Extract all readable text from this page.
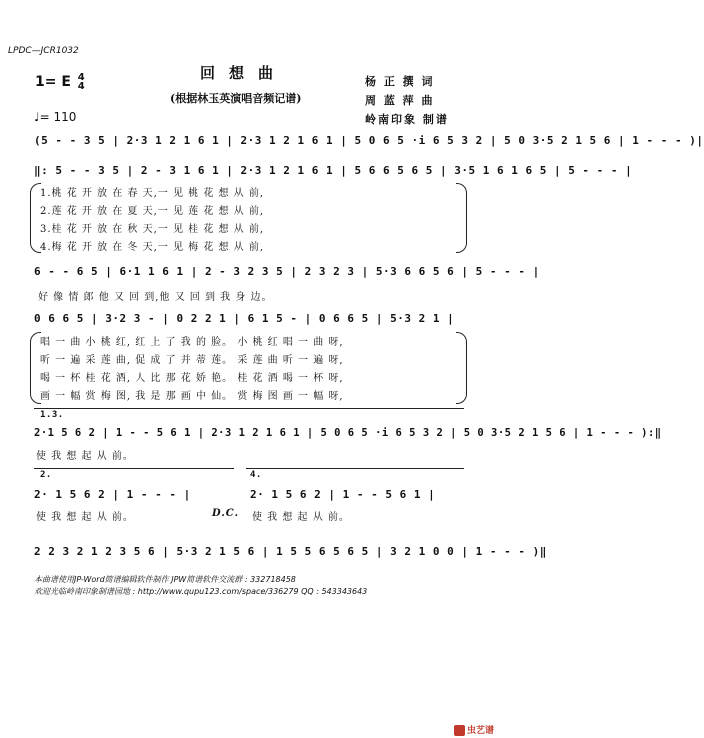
LPDC—JCR1032
回想曲
1= E 4
4
(根据林玉英演唱音频记谱)
杨 正 撰 词
周 蓝 萍 曲
岭南印象 制谱
♩= 110
(5 - - 3 5 | 2·3 1 2 1 6 1 | 2·3 1 2 1 6 1 | 5 0 6 5 ·i 6 5 3 2 | 5 0 3·5 2 1 5 6 | 1 - - - )|
‖: 5 - - 3 5 | 2 - 3 1 6 1 | 2·3 1 2 1 6 1 | 5 6 6 5 6 5 | 3·5 1 6 1 6 5 | 5 - - - |
1.桃 花 开 放 在 春 天,一 见 桃 花 想 从 前,
2.莲 花 开 放 在 夏 天,一 见 莲 花 想 从 前,
3.桂 花 开 放 在 秋 天,一 见 桂 花 想 从 前,
4.梅 花 开 放 在 冬 天,一 见 梅 花 想 从 前,
6 - - 6 5 | 6·1 1 6 1 | 2 - 3 2 3 5 | 2 3 2 3 | 5·3 6 6 5 6 | 5 - - - |
好 像 情 郎 他 又 回 到,他 又 回 到 我 身 边。
0 6 6 5 | 3·2 3 - | 0 2 2 1 | 6 1 5 - | 0 6 6 5 | 5·3 2 1 |
唱 一 曲 小 桃 红, 红 上 了 我 的 脸。 小 桃 红 唱 一 曲 呀,
听 一 遍 采 莲 曲, 促 成 了 并 蒂 莲。 采 莲 曲 听 一 遍 呀,
喝 一 杯 桂 花 酒, 人 比 那 花 娇 艳。 桂 花 酒 喝 一 杯 呀,
画 一 幅 赏 梅 图, 我 是 那 画 中 仙。 赏 梅 图 画 一 幅 呀,
1.3.
2·1 5 6 2 | 1 - - 5 6 1 | 2·3 1 2 1 6 1 | 5 0 6 5 ·i 6 5 3 2 | 5 0 3·5 2 1 5 6 | 1 - - - ):‖
使 我 想 起 从 前。
2.	4.
2· 1 5 6 2 | 1 - - - |	2· 1 5 6 2 | 1 - - 5 6 1 |
使 我 想 起 从 前。	D.C. 使 我 想 起 从 前。
2 2 3 2 1 2 3 5 6 | 5·3 2 1 5 6 | 1 5 5 6 5 6 5 | 3 2 1 0 0 | 1 - - - )‖
本曲谱使用JP-Word简谱编辑软件制作 JPW简谱软件交流群 : 332718458
欢迎光临岭南印象制谱园地 : http://www.qupu123.com/space/336279 QQ : 543343643
虫艺谱
